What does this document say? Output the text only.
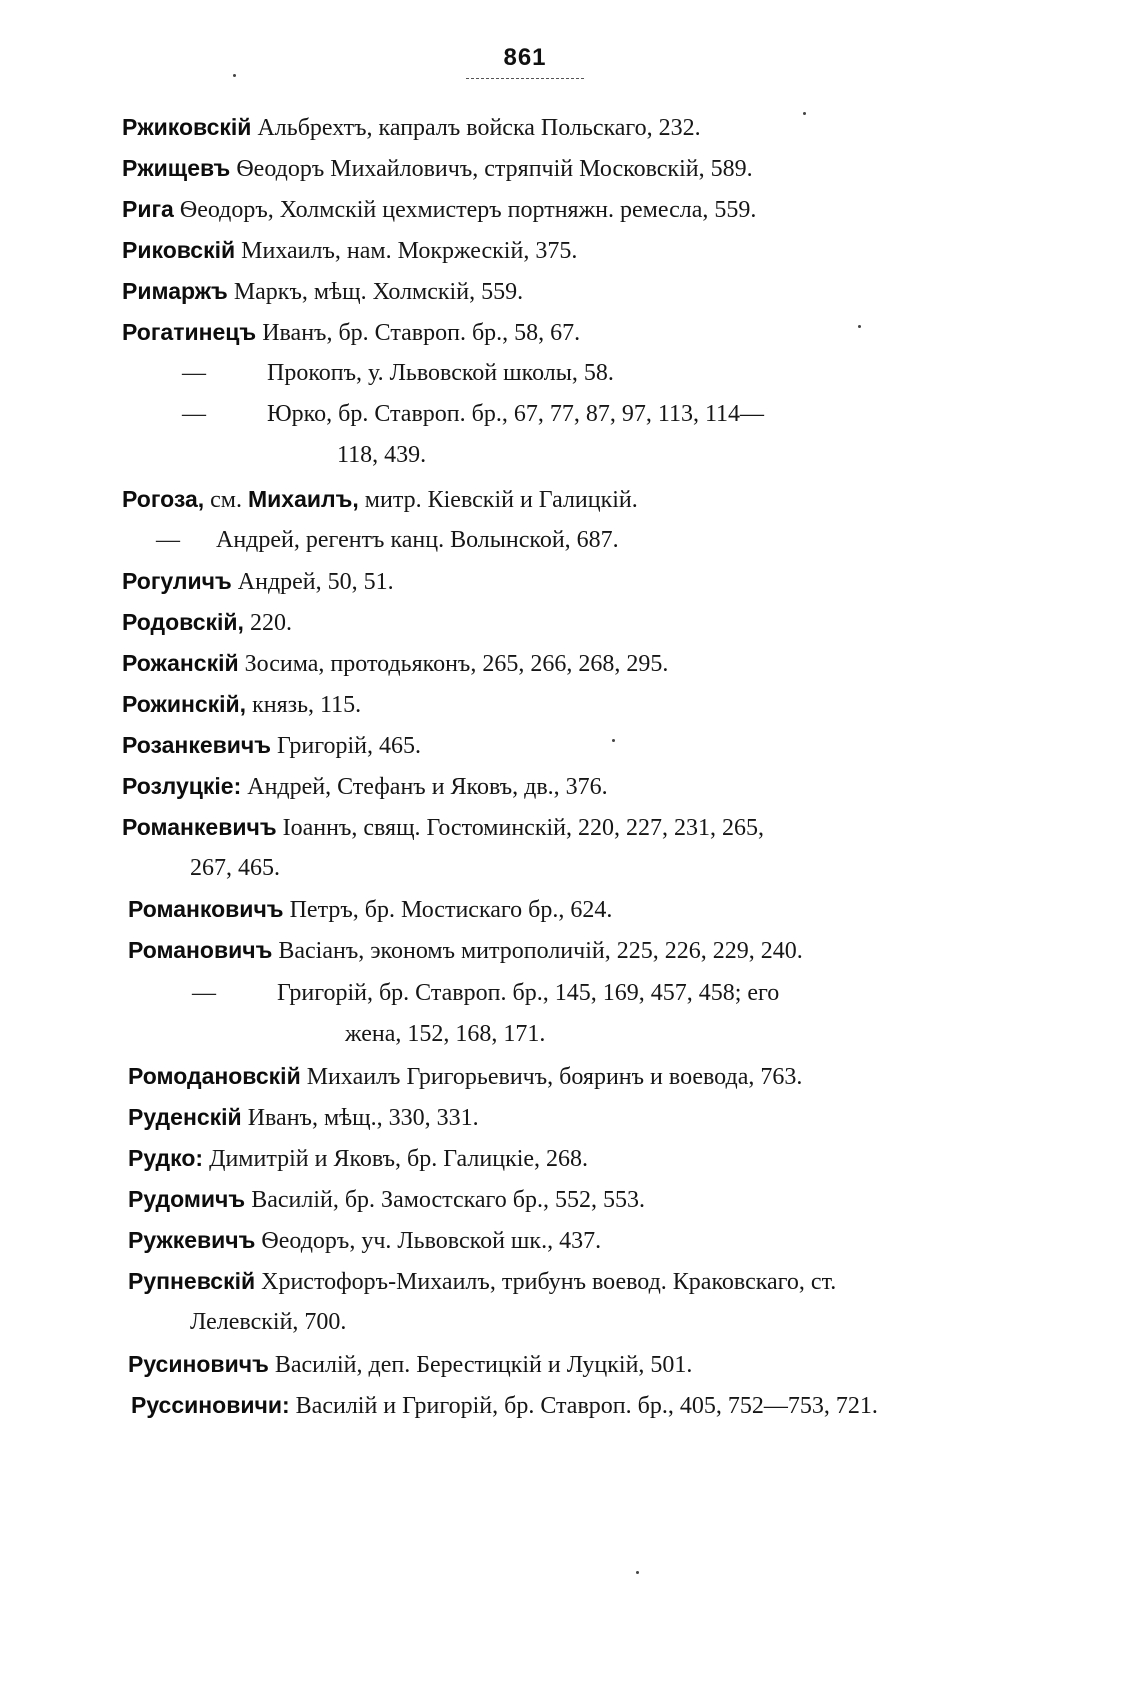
861
Ржиковскій Альбрехтъ, капралъ войска Польскаго, 232.
Ржищевъ Ѳеодоръ Михайловичъ, стряпчій Московскій, 589.
Рига Ѳеодоръ, Холмскій цехмистеръ портняжн. ремесла, 559.
Риковскій Михаилъ, нам. Мокржескій, 375.
Римаржъ Маркъ, мѣщ. Холмскій, 559.
Рогатинецъ Иванъ, бр. Ставроп. бр., 58, 67.
—	Прокопъ, у. Львовской школы, 58.
—	Юрко, бр. Ставроп. бр., 67, 77, 87, 97, 113, 114—
118, 439.
Рогоза, см. Михаилъ, митр. Кіевскій и Галицкій.
— Андрей, регентъ канц. Волынской, 687.
Рогуличъ Андрей, 50, 51.
Родовскій, 220.
Рожанскій Зосима, протодьяконъ, 265, 266, 268, 295.
Рожинскій, князь, 115.
Розанкевичъ Григорій, 465.
Розлуцкіе: Андрей, Стефанъ и Яковъ, дв., 376.
Романкевичъ Іоаннъ, свящ. Гостоминскій, 220, 227, 231, 265,
267, 465.
Романковичъ Петръ, бр. Мостискаго бр., 624.
Романовичъ Васіанъ, экономъ митрополичій, 225, 226, 229, 240.
—	Григорій, бр. Ставроп. бр., 145, 169, 457, 458; его
жена, 152, 168, 171.
Ромодановскій Михаилъ Григорьевичъ, бояринъ и воевода, 763.
Руденскій Иванъ, мѣщ., 330, 331.
Рудко: Димитрій и Яковъ, бр. Галицкіе, 268.
Рудомичъ Василій, бр. Замостскаго бр., 552, 553.
Ружкевичъ Ѳеодоръ, уч. Львовской шк., 437.
Рупневскій Христофоръ-Михаилъ, трибунъ воевод. Краковскаго, ст.
Лелевскій, 700.
Русиновичъ Василій, деп. Берестицкій и Луцкій, 501.
Руссиновичи: Василій и Григорій, бр. Ставроп. бр., 405, 752—753, 721.
